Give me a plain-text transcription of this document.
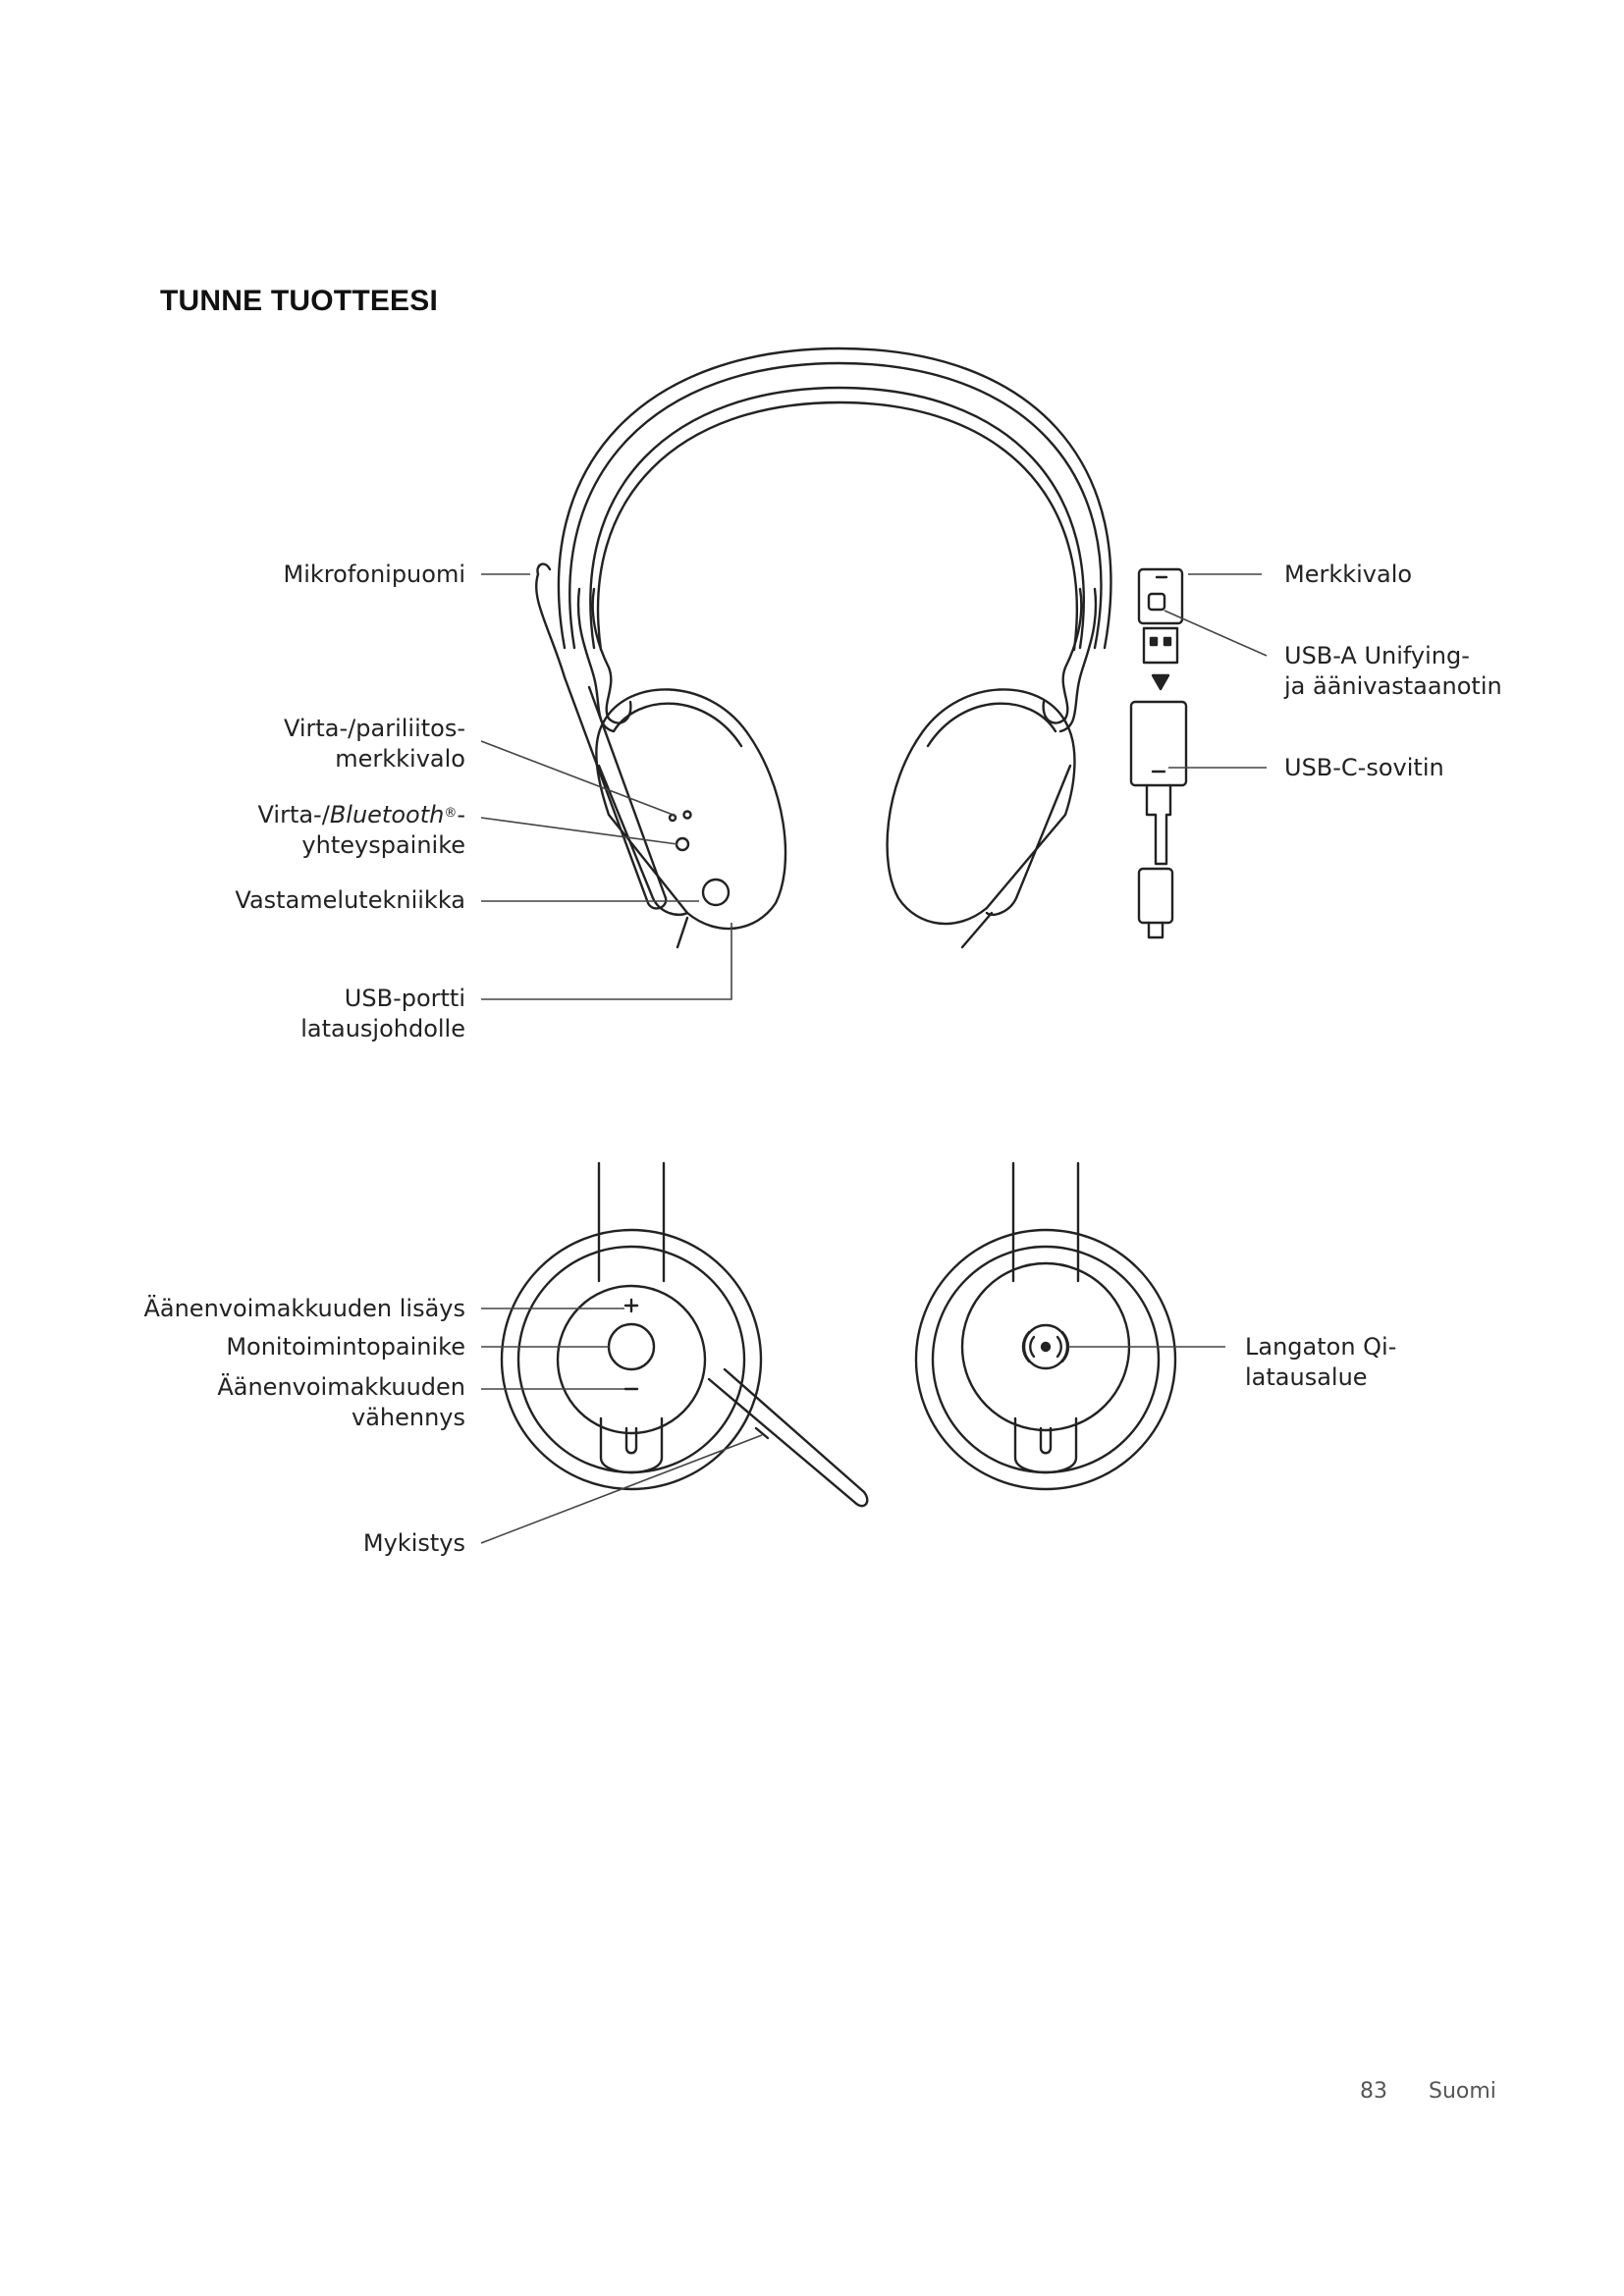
TUNNE TUOTTEESI
Mikrofonipuomi
Virta-/pariliitos-
merkkivalo
Virta-/Bluetooth®-
yhteyspainike
Vastamelutekniikka
USB-portti
latausjohdolle
Merkkivalo
USB-A Unifying-
ja äänivastaanotin
USB-C-sovitin
Äänenvoimakkuuden lisäys
Monitoimintopainike
Äänenvoimakkuuden
vähennys
Mykistys
Langaton Qi-
latausalue
83 Suomi
